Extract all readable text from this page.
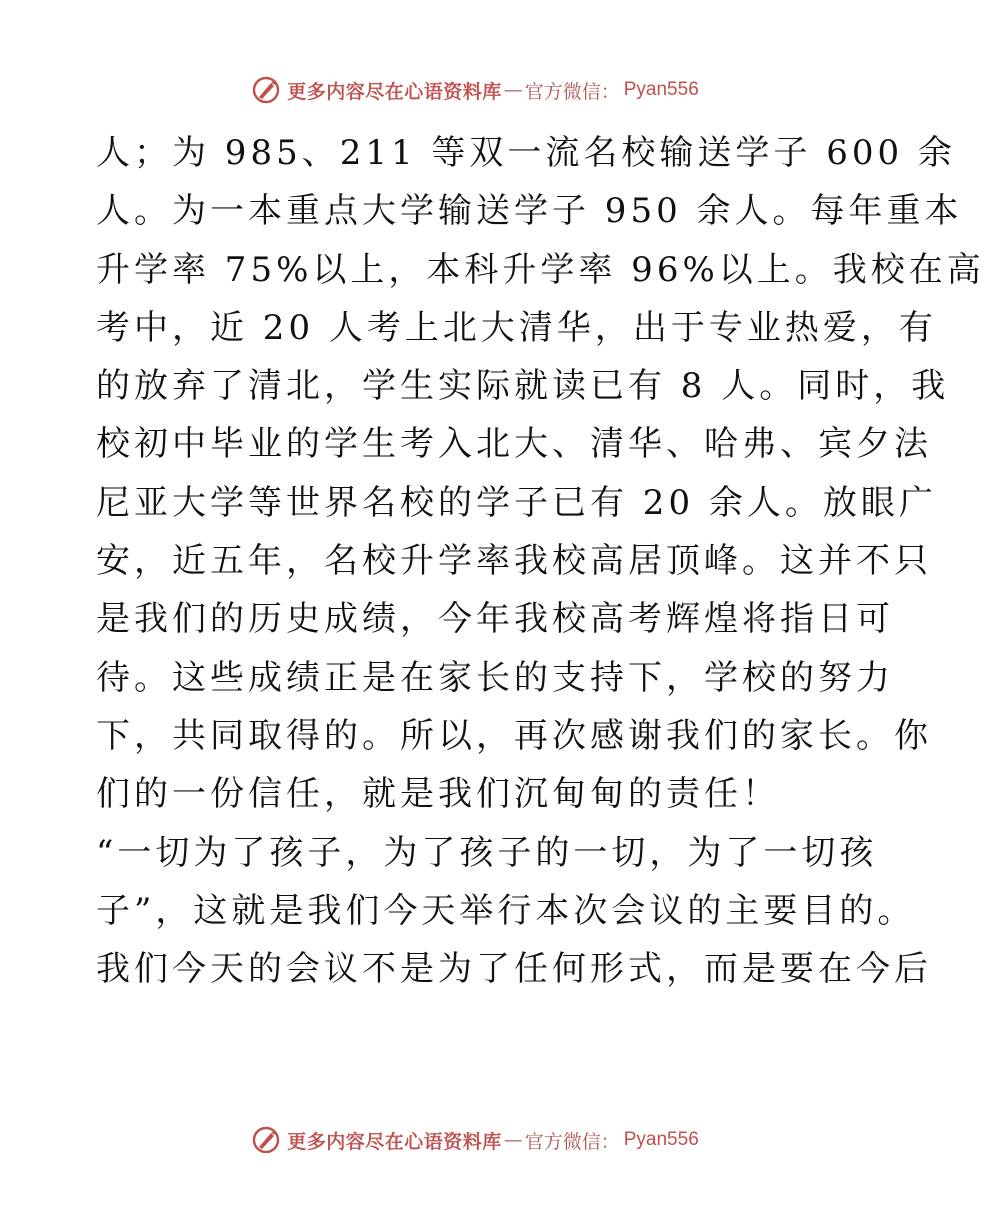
更多内容尽在心语资料库 — 官方微信： Pyan556
人；为 985、211 等双一流名校输送学子 600 余
人。为一本重点大学输送学子 950 余人。每年重本
升学率 75%以上，本科升学率 96%以上。我校在高
考中，近 20 人考上北大清华，出于专业热爱，有
的放弃了清北，学生实际就读已有 8 人。同时，我
校初中毕业的学生考入北大、清华、哈弗、宾夕法
尼亚大学等世界名校的学子已有 20 余人。放眼广
安，近五年，名校升学率我校高居顶峰。这并不只
是我们的历史成绩，今年我校高考辉煌将指日可
待。这些成绩正是在家长的支持下，学校的努力
下，共同取得的。所以，再次感谢我们的家长。你
们的一份信任，就是我们沉甸甸的责任！
“一切为了孩子，为了孩子的一切，为了一切孩
子”，这就是我们今天举行本次会议的主要目的。
我们今天的会议不是为了任何形式，而是要在今后
更多内容尽在心语资料库 — 官方微信： Pyan556
